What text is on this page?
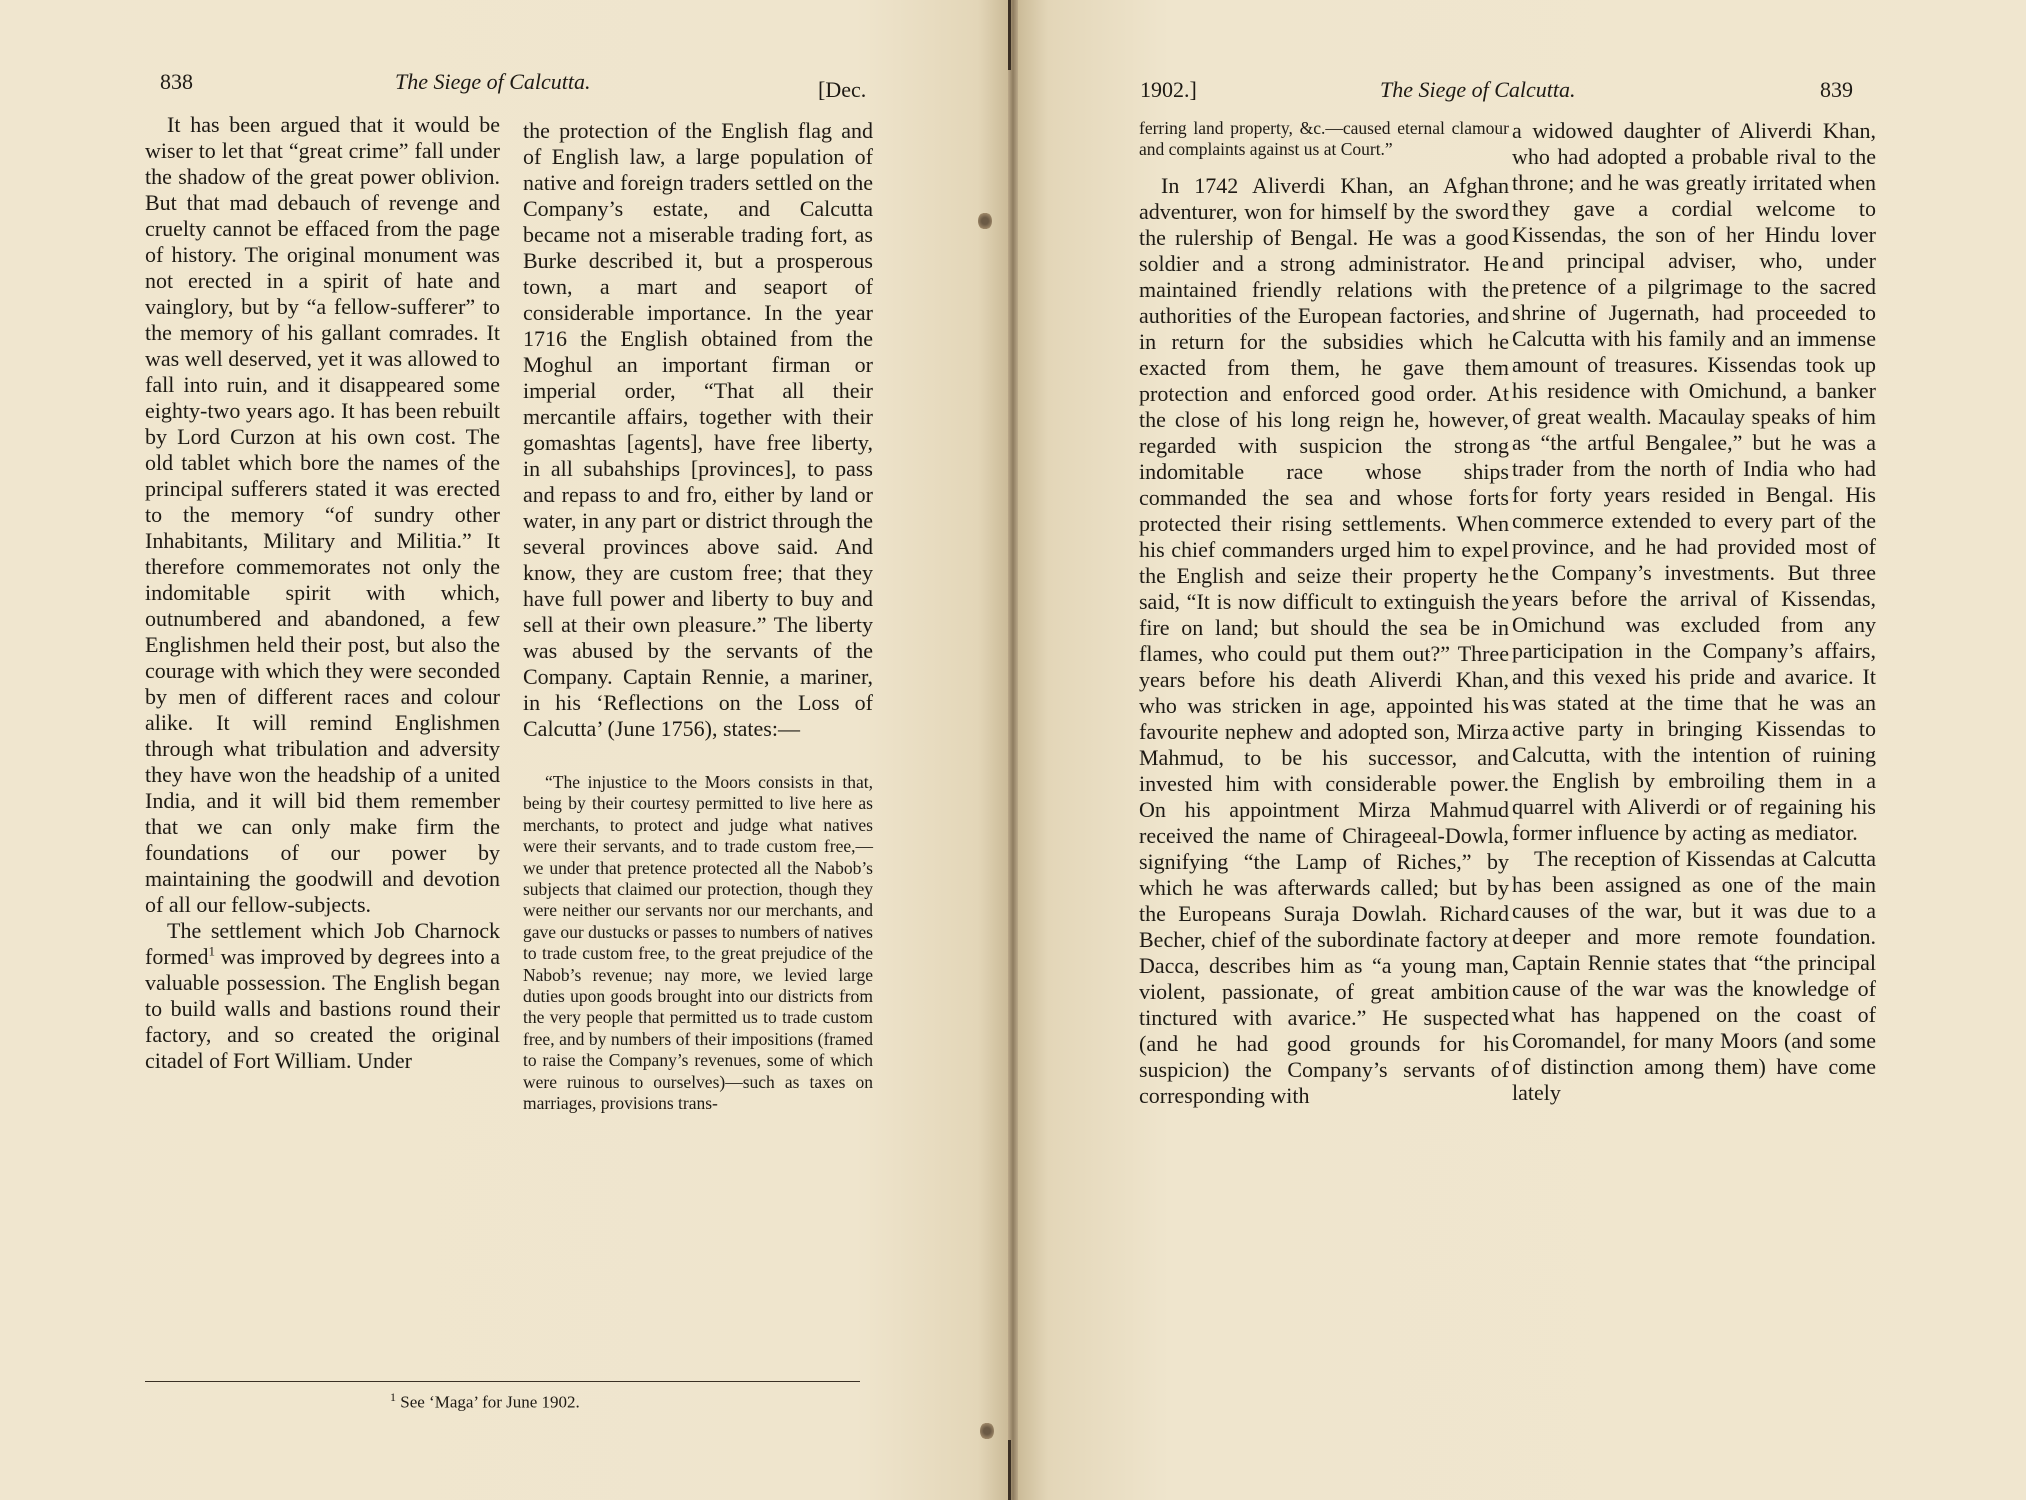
838	The Siege of Calcutta.	[Dec.

It has been argued that it would be wiser to let that “great crime” fall under the shadow of the great power oblivion. But that mad debauch of revenge and cruelty cannot be effaced from the page of history. The original monument was not erected in a spirit of hate and vainglory, but by “a fellow-sufferer” to the memory of his gallant comrades. It was well deserved, yet it was allowed to fall into ruin, and it disappeared some eighty-two years ago. It has been rebuilt by Lord Curzon at his own cost. The old tablet which bore the names of the principal sufferers stated it was erected to the memory “of sundry other Inhabitants, Military and Militia.” It therefore commemorates not only the indomitable spirit with which, outnumbered and abandoned, a few Englishmen held their post, but also the courage with which they were seconded by men of different races and colour alike. It will remind Englishmen through what tribulation and adversity they have won the headship of a united India, and it will bid them remember that we can only make firm the foundations of our power by maintaining the goodwill and devotion of all our fellow-subjects.

The settlement which Job Charnock formed$^1$ was improved by degrees into a valuable possession. The English began to build walls and bastions round their factory, and so created the original citadel of Fort William. Under

the protection of the English flag and of English law, a large population of native and foreign traders settled on the Company’s estate, and Calcutta became not a miserable trading fort, as Burke described it, but a prosperous town, a mart and seaport of considerable importance. In the year 1716 the English obtained from the Moghul an important firman or imperial order, “That all their mercantile affairs, together with their gomashtas [agents], have free liberty, in all subahships [provinces], to pass and repass to and fro, either by land or water, in any part or district through the several provinces above said. And know, they are custom free; that they have full power and liberty to buy and sell at their own pleasure.” The liberty was abused by the servants of the Company. Captain Rennie, a mariner, in his ‘Reflections on the Loss of Calcutta’ (June 1756), states:—

“The injustice to the Moors consists in that, being by their courtesy permitted to live here as merchants, to protect and judge what natives were their servants, and to trade custom free,—we under that pretence protected all the Nabob’s subjects that claimed our protection, though they were neither our servants nor our merchants, and gave our dustucks or passes to numbers of natives to trade custom free, to the great prejudice of the Nabob’s revenue; nay more, we levied large duties upon goods brought into our districts from the very people that permitted us to trade custom free, and by numbers of their impositions (framed to raise the Company’s revenues, some of which were ruinous to ourselves)—such as taxes on marriages, provisions trans-

$^1$ See ‘Maga’ for June 1902.
1902.]	The Siege of Calcutta.	839

ferring land property, &c.—caused eternal clamour and complaints against us at Court.”

In 1742 Aliverdi Khan, an Afghan adventurer, won for himself by the sword the rulership of Bengal. He was a good soldier and a strong administrator. He maintained friendly relations with the authorities of the European factories, and in return for the subsidies which he exacted from them, he gave them protection and enforced good order. At the close of his long reign he, however, regarded with suspicion the strong indomitable race whose ships commanded the sea and whose forts protected their rising settlements. When his chief commanders urged him to expel the English and seize their property he said, “It is now difficult to extinguish the fire on land; but should the sea be in flames, who could put them out?” Three years before his death Aliverdi Khan, who was stricken in age, appointed his favourite nephew and adopted son, Mirza Mahmud, to be his successor, and invested him with considerable power. On his appointment Mirza Mahmud received the name of Chirageeal-Dowla, signifying “the Lamp of Riches,” by which he was afterwards called; but by the Europeans Suraja Dowlah. Richard Becher, chief of the subordinate factory at Dacca, describes him as “a young man, violent, passionate, of great ambition tinctured with avarice.” He suspected (and he had good grounds for his suspicion) the Company’s servants of corresponding with

a widowed daughter of Aliverdi Khan, who had adopted a probable rival to the throne; and he was greatly irritated when they gave a cordial welcome to Kissendas, the son of her Hindu lover and principal adviser, who, under pretence of a pilgrimage to the sacred shrine of Jugernath, had proceeded to Calcutta with his family and an immense amount of treasures. Kissendas took up his residence with Omichund, a banker of great wealth. Macaulay speaks of him as “the artful Bengalee,” but he was a trader from the north of India who had for forty years resided in Bengal. His commerce extended to every part of the province, and he had provided most of the Company’s investments. But three years before the arrival of Kissendas, Omichund was excluded from any participation in the Company’s affairs, and this vexed his pride and avarice. It was stated at the time that he was an active party in bringing Kissendas to Calcutta, with the intention of ruining the English by embroiling them in a quarrel with Aliverdi or of regaining his former influence by acting as mediator.

The reception of Kissendas at Calcutta has been assigned as one of the main causes of the war, but it was due to a deeper and more remote foundation. Captain Rennie states that “the principal cause of the war was the knowledge of what has happened on the coast of Coromandel, for many Moors (and some of distinction among them) have come lately
